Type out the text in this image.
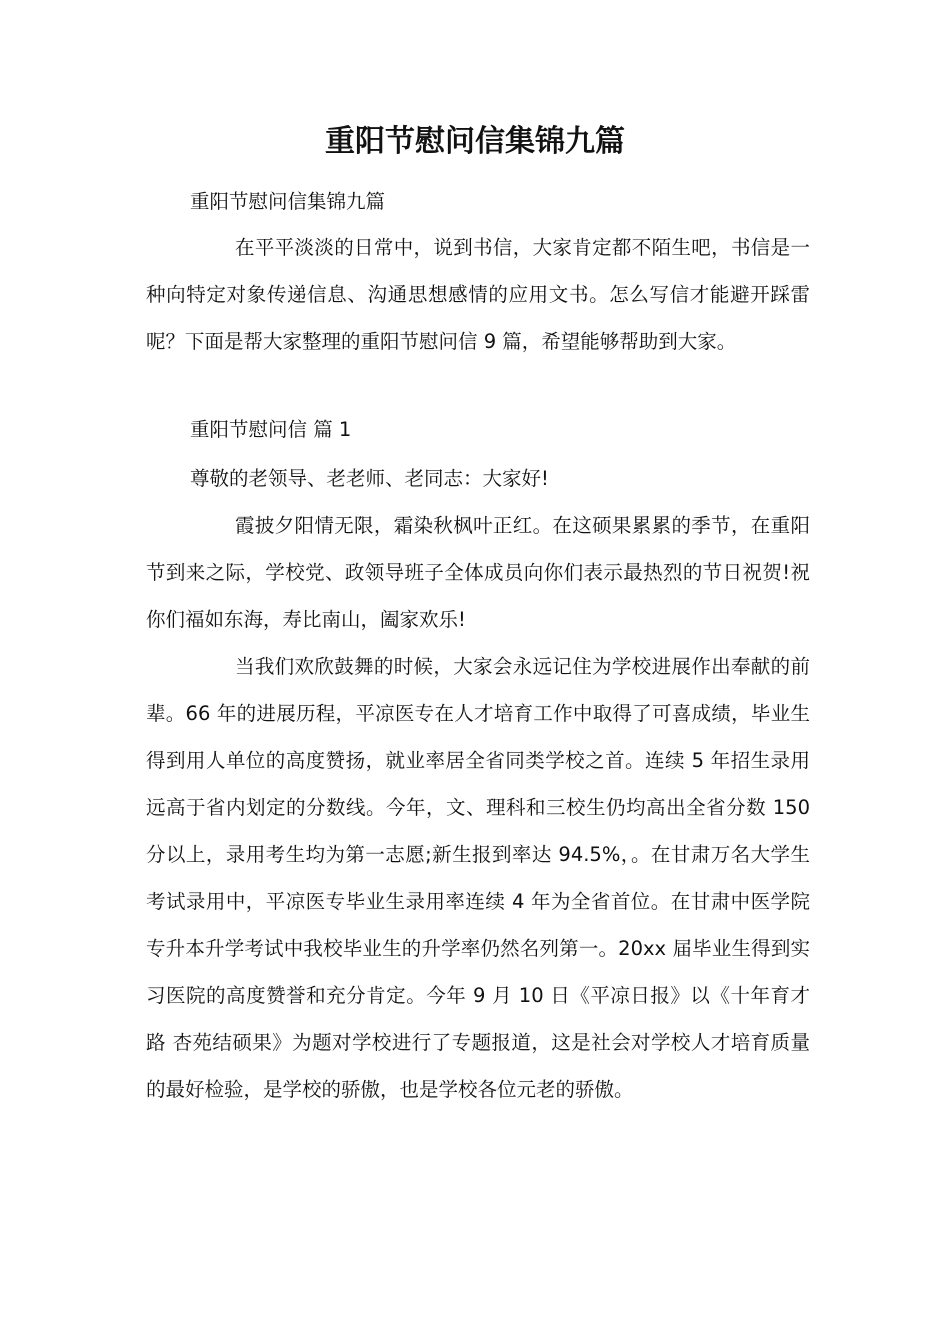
重阳节慰问信集锦九篇

重阳节慰问信集锦九篇

在平平淡淡的日常中，说到书信，大家肯定都不陌生吧，书信是一种向特定对象传递信息、沟通思想感情的应用文书。怎么写信才能避开踩雷呢？下面是帮大家整理的重阳节慰问信 9 篇，希望能够帮助到大家。

重阳节慰问信 篇 1

尊敬的老领导、老老师、老同志：大家好!

霞披夕阳情无限，霜染秋枫叶正红。在这硕果累累的季节，在重阳节到来之际，学校党、政领导班子全体成员向你们表示最热烈的节日祝贺!祝你们福如东海，寿比南山，阖家欢乐!

当我们欢欣鼓舞的时候，大家会永远记住为学校进展作出奉献的前辈。66 年的进展历程，平凉医专在人才培育工作中取得了可喜成绩，毕业生得到用人单位的高度赞扬，就业率居全省同类学校之首。连续 5 年招生录用远高于省内划定的分数线。今年，文、理科和三校生仍均高出全省分数 150 分以上，录用考生均为第一志愿;新生报到率达 94.5%，。在甘肃万名大学生考试录用中，平凉医专毕业生录用率连续 4 年为全省首位。在甘肃中医学院专升本升学考试中我校毕业生的升学率仍然名列第一。20xx 届毕业生得到实习医院的高度赞誉和充分肯定。今年 9 月 10 日《平凉日报》以《十年育才路 杏苑结硕果》为题对学校进行了专题报道，这是社会对学校人才培育质量的最好检验，是学校的骄傲，也是学校各位元老的骄傲。
